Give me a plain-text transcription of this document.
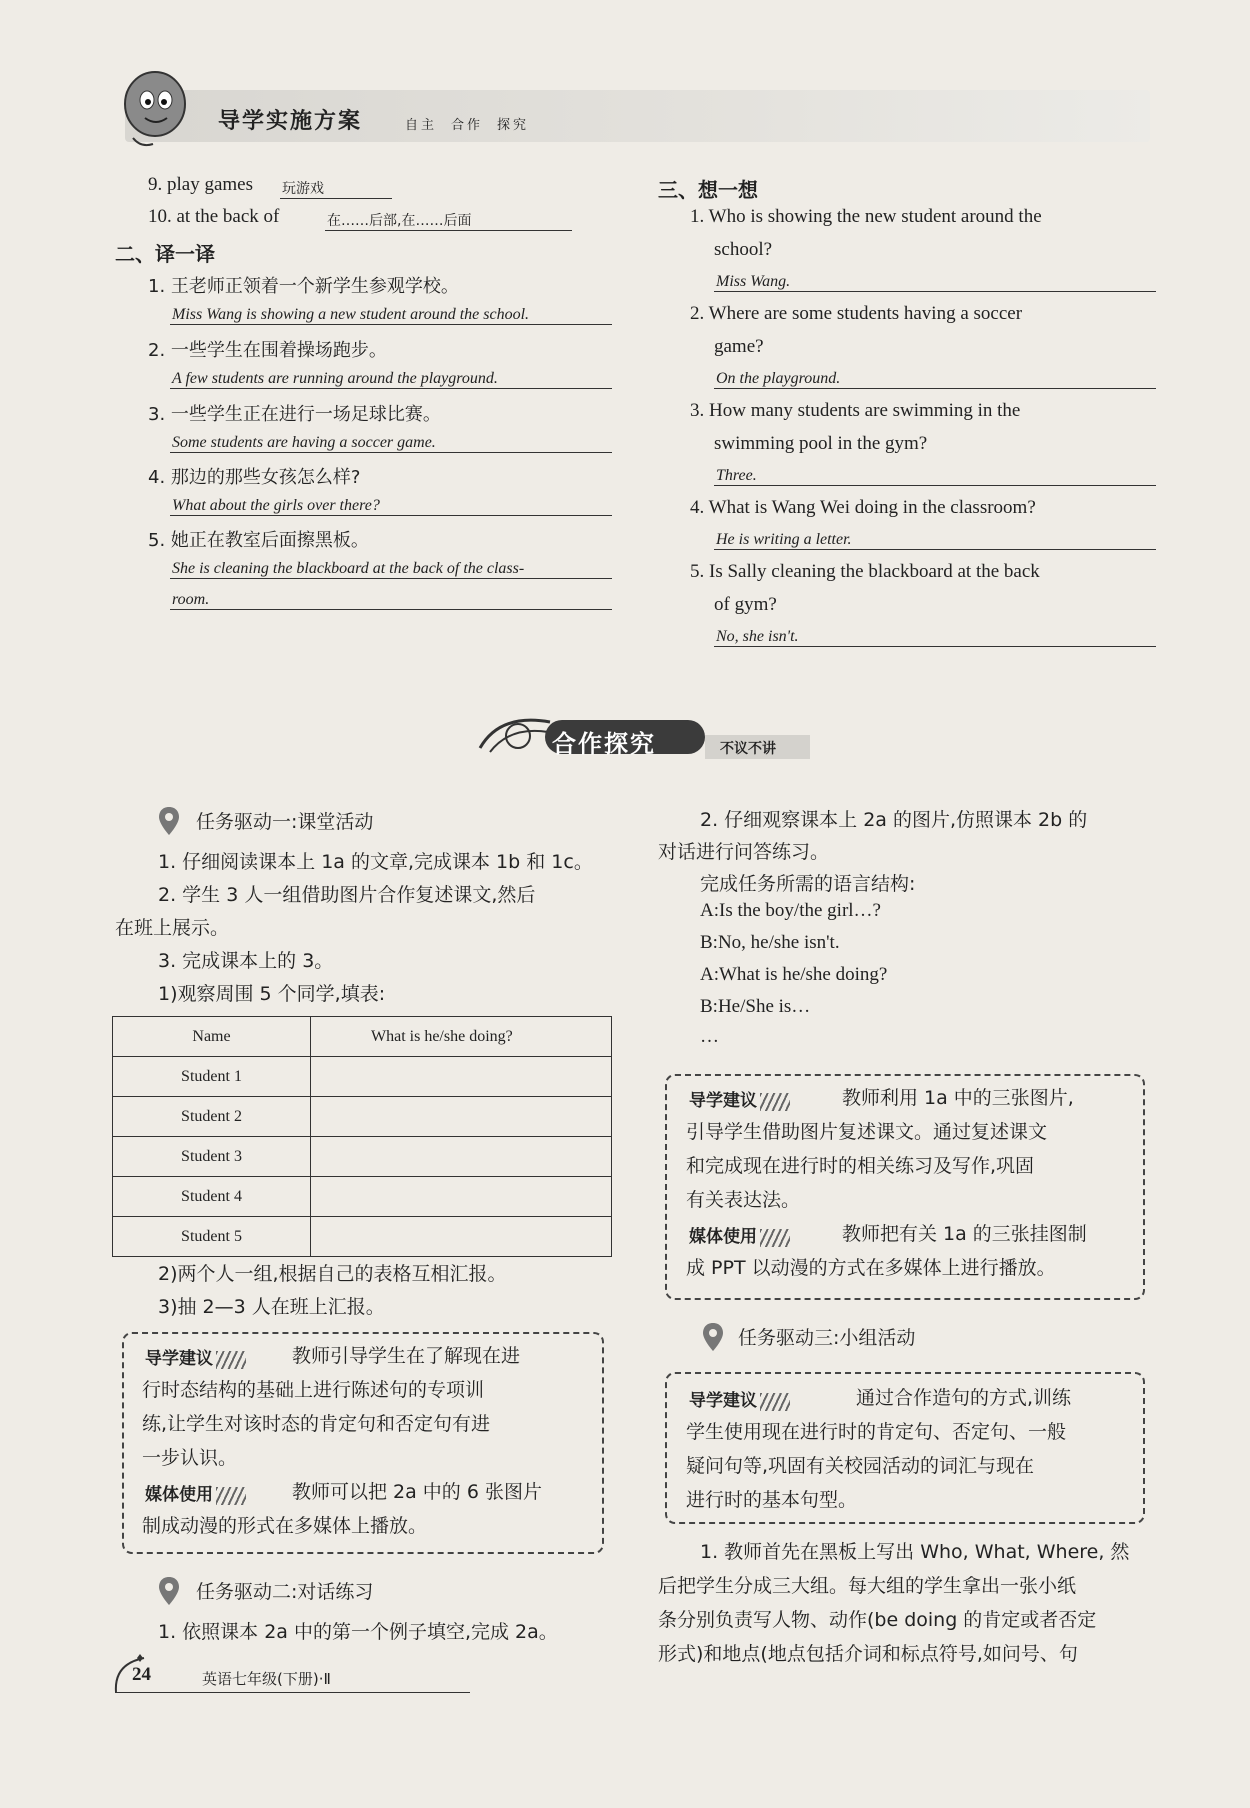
导学实施方案	自主 合作 探究
9. play games 玩游戏
10. at the back of	在……后部,在……后面
二、译一译
1. 王老师正领着一个新学生参观学校。
Miss Wang is showing a new student around the school.
2. 一些学生在围着操场跑步。
A few students are running around the playground.
3. 一些学生正在进行一场足球比赛。
Some students are having a soccer game.
4. 那边的那些女孩怎么样?
What about the girls over there?
5. 她正在教室后面擦黑板。
She is cleaning the blackboard at the back of the class-
room.
三、想一想
1. Who is showing the new student around the
school?
Miss Wang.
2. Where are some students having a soccer
game?
On the playground.
3. How many students are swimming in the
swimming pool in the gym?
Three.
4. What is Wang Wei doing in the classroom?
He is writing a letter.
5. Is Sally cleaning the blackboard at the back
of gym?
No, she isn't.
合作探究	不议不讲
任务驱动一:课堂活动
1. 仔细阅读课本上 1a 的文章,完成课本 1b 和 1c。
2. 学生 3 人一组借助图片合作复述课文,然后
在班上展示。
3. 完成课本上的 3。
1)观察周围 5 个同学,填表:
Name	What is he/she doing?
Student 1	
Student 2	
Student 3	
Student 4	
Student 5	
2)两个人一组,根据自己的表格互相汇报。
3)抽 2—3 人在班上汇报。
导学建议	教师引导学生在了解现在进
行时态结构的基础上进行陈述句的专项训
练,让学生对该时态的肯定句和否定句有进
一步认识。
媒体使用	教师可以把 2a 中的 6 张图片
制成动漫的形式在多媒体上播放。
任务驱动二:对话练习
1. 依照课本 2a 中的第一个例子填空,完成 2a。
2. 仔细观察课本上 2a 的图片,仿照课本 2b 的
对话进行问答练习。
完成任务所需的语言结构:
A:Is the boy/the girl…?
B:No, he/she isn't.
A:What is he/she doing?
B:He/She is…
…
导学建议	教师利用 1a 中的三张图片,
引导学生借助图片复述课文。通过复述课文
和完成现在进行时的相关练习及写作,巩固
有关表达法。
媒体使用	教师把有关 1a 的三张挂图制
成 PPT 以动漫的方式在多媒体上进行播放。
任务驱动三:小组活动
导学建议	通过合作造句的方式,训练
学生使用现在进行时的肯定句、否定句、一般
疑问句等,巩固有关校园活动的词汇与现在
进行时的基本句型。
1. 教师首先在黑板上写出 Who, What, Where, 然
后把学生分成三大组。每大组的学生拿出一张小纸
条分别负责写人物、动作(be doing 的肯定或者否定
形式)和地点(地点包括介词和标点符号,如问号、句
24	英语七年级(下册)·Ⅱ
